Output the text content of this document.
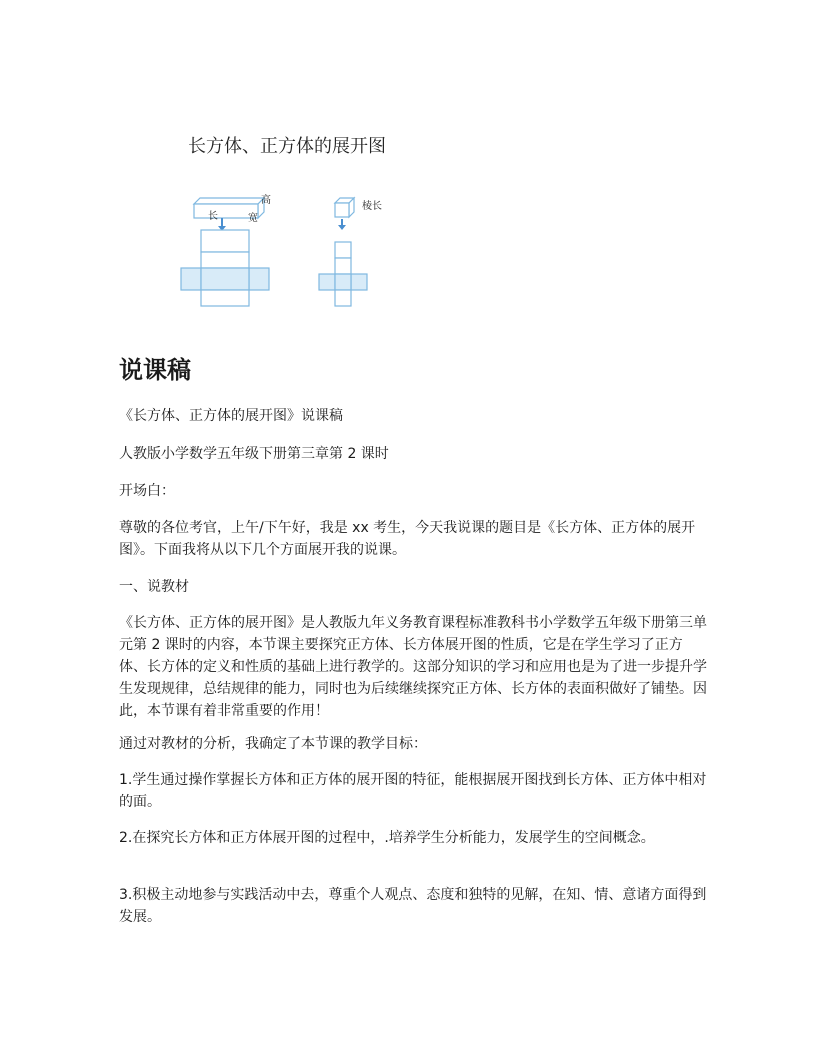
长方体、正方体的展开图
高
长	宽
棱长
说课稿

《长方体、正方体的展开图》说课稿

人教版小学数学五年级下册第三章第 2 课时

开场白：

尊敬的各位考官，上午/下午好，我是 xx 考生，今天我说课的题目是《长方体、正方体的展开图》。下面我将从以下几个方面展开我的说课。

一、说教材

《长方体、正方体的展开图》是人教版九年义务教育课程标准教科书小学数学五年级下册第三单元第 2 课时的内容，本节课主要探究正方体、长方体展开图的性质，它是在学生学习了正方体、长方体的定义和性质的基础上进行教学的。这部分知识的学习和应用也是为了进一步提升学生发现规律，总结规律的能力，同时也为后续继续探究正方体、长方体的表面积做好了铺垫。因此，本节课有着非常重要的作用！

通过对教材的分析，我确定了本节课的教学目标：

1.学生通过操作掌握长方体和正方体的展开图的特征，能根据展开图找到长方体、正方体中相对的面。

2.在探究长方体和正方体展开图的过程中，.培养学生分析能力，发展学生的空间概念。

3.积极主动地参与实践活动中去，尊重个人观点、态度和独特的见解，在知、情、意诸方面得到发展。
